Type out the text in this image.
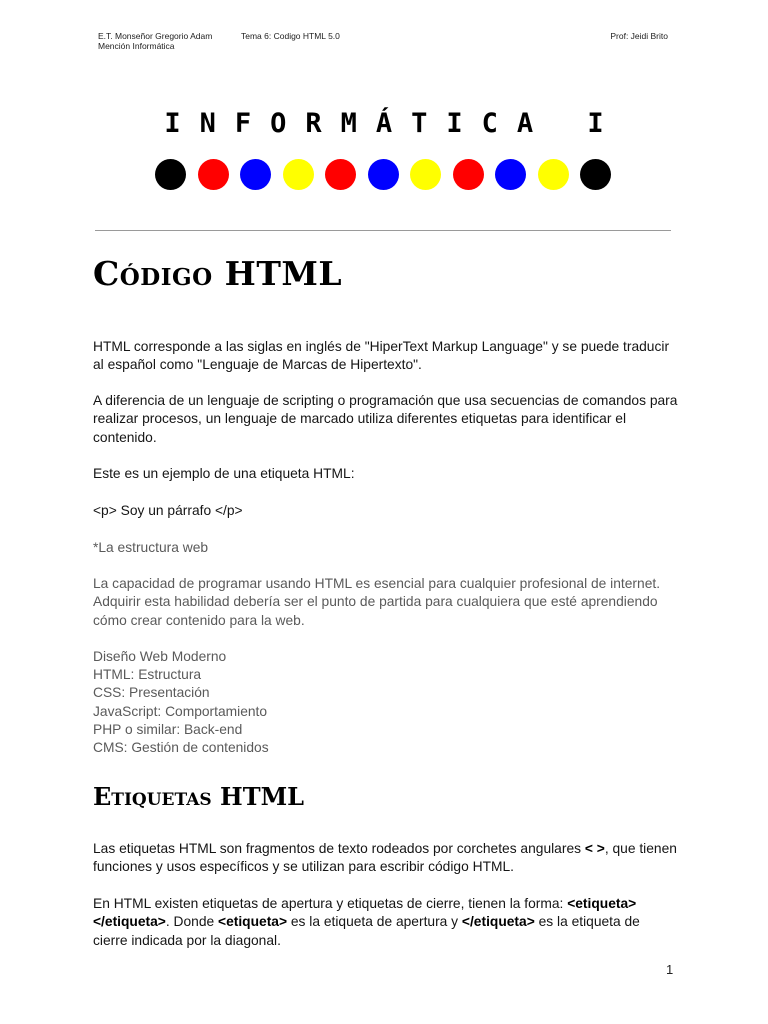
E.T. Monseñor Gregorio Adam	Tema 6: Codigo HTML 5.0	Prof: Jeidi Brito
Mención Informática
INFORMÁTICA I
Código HTML

HTML corresponde a las siglas en inglés de "HiperText Markup Language" y se puede traducir al español como "Lenguaje de Marcas de Hipertexto".

A diferencia de un lenguaje de scripting o programación que usa secuencias de comandos para realizar procesos, un lenguaje de marcado utiliza diferentes etiquetas para identificar el contenido.

Este es un ejemplo de una etiqueta HTML:

<p> Soy un párrafo </p>

*La estructura web

La capacidad de programar usando HTML es esencial para cualquier profesional de internet. Adquirir esta habilidad debería ser el punto de partida para cualquiera que esté aprendiendo cómo crear contenido para la web.

Diseño Web Moderno
HTML: Estructura
CSS: Presentación
JavaScript: Comportamiento
PHP o similar: Back-end
CMS: Gestión de contenidos
Etiquetas HTML

Las etiquetas HTML son fragmentos de texto rodeados por corchetes angulares < >, que tienen funciones y usos específicos y se utilizan para escribir código HTML.

En HTML existen etiquetas de apertura y etiquetas de cierre, tienen la forma: <etiqueta> </etiqueta>. Donde <etiqueta> es la etiqueta de apertura y </etiqueta> es la etiqueta de cierre indicada por la diagonal.

1
